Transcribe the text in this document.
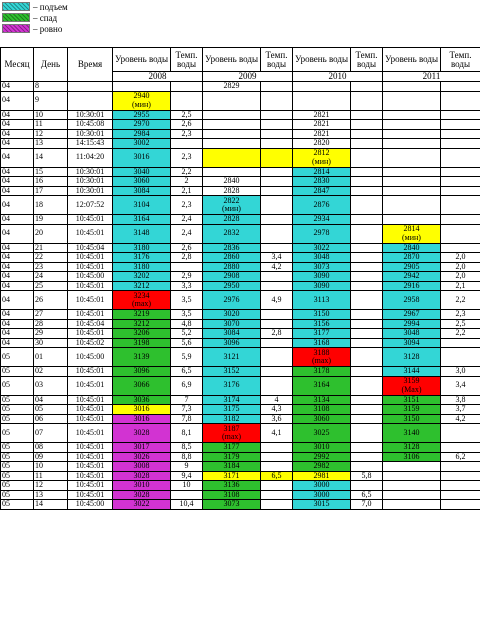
– подъем
– спад
– ровно
Месяц	День	Время	Уровень воды	Темп. воды	Уровень воды	Темп. воды	Уровень воды	Темп. воды	Уровень воды	Темп. воды
			2008		2009		2010		2011	
04	8				2829					
04	9		2940
(мин)							
04	10	10:30:01	2955	2,5			2821			
04	11	10:45:08	2970	2,6			2821			
04	12	10:30:01	2984	2,3			2821			
04	13	14:15:43	3002				2820			
04	14	11:04:20	3016	2,3			2812
(мин)			
04	15	10:30:01	3040	2,2			2814			
04	16	10:30:01	3060	2	2840		2830			
04	17	10:30:01	3084	2,1	2828		2847			
04	18	12:07:52	3104	2,3	2822
(мин)		2876			
04	19	10:45:01	3164	2,4	2828		2934			
04	20	10:45:01	3148	2,4	2832		2978		2814
(мин)	
04	21	10:45:04	3180	2,6	2836		3022		2840	
04	22	10:45:01	3176	2,8	2860	3,4	3048		2870	2,0
04	23	10:45:01	3180		2880	4,2	3073		2905	2,0
04	24	10:45:00	3202	2,9	2908		3090		2942	2,0
04	25	10:45:01	3212	3,3	2950		3090		2916	2,1
04	26	10:45:01	3234
(max)	3,5	2976	4,9	3113		2958	2,2
04	27	10:45:01	3219	3,5	3020		3150		2967	2,3
04	28	10:45:04	3212	4,8	3070		3156		2994	2,5
04	29	10:45:01	3206	5,2	3084	2,8	3177		3048	2,2
04	30	10:45:02	3198	5,6	3096		3168		3094	
05	01	10:45:00	3139	5,9	3121		3188
(max)		3128	
05	02	10:45:01	3096	6,5	3152		3178		3144	3,0
05	03	10:45:01	3066	6,9	3176		3164		3159
(Max)	3,4
05	04	10:45:01	3036	7	3174	4	3134		3151	3,8
05	05	10:45:01	3016	7,3	3175	4,3	3108		3159	3,7
05	06	10:45:01	3016	7,8	3182	3,6	3060		3150	4,2
05	07	10:45:01	3028	8,1	3187
(max)	4,1	3025		3140	
05	08	10:45:01	3017	8,5	3177		3010		3128	
05	09	10:45:01	3026	8,8	3179		2992		3106	6,2
05	10	10:45:01	3008	9	3184		2982			
05	11	10:45:01	3028	9,4	3171	6,5	2981	5,8		
05	12	10:45:01	3010	10	3136		3000			
05	13	10:45:01	3028		3108		3000	6,5		
05	14	10:45:00	3022	10,4	3073		3015	7,0		
